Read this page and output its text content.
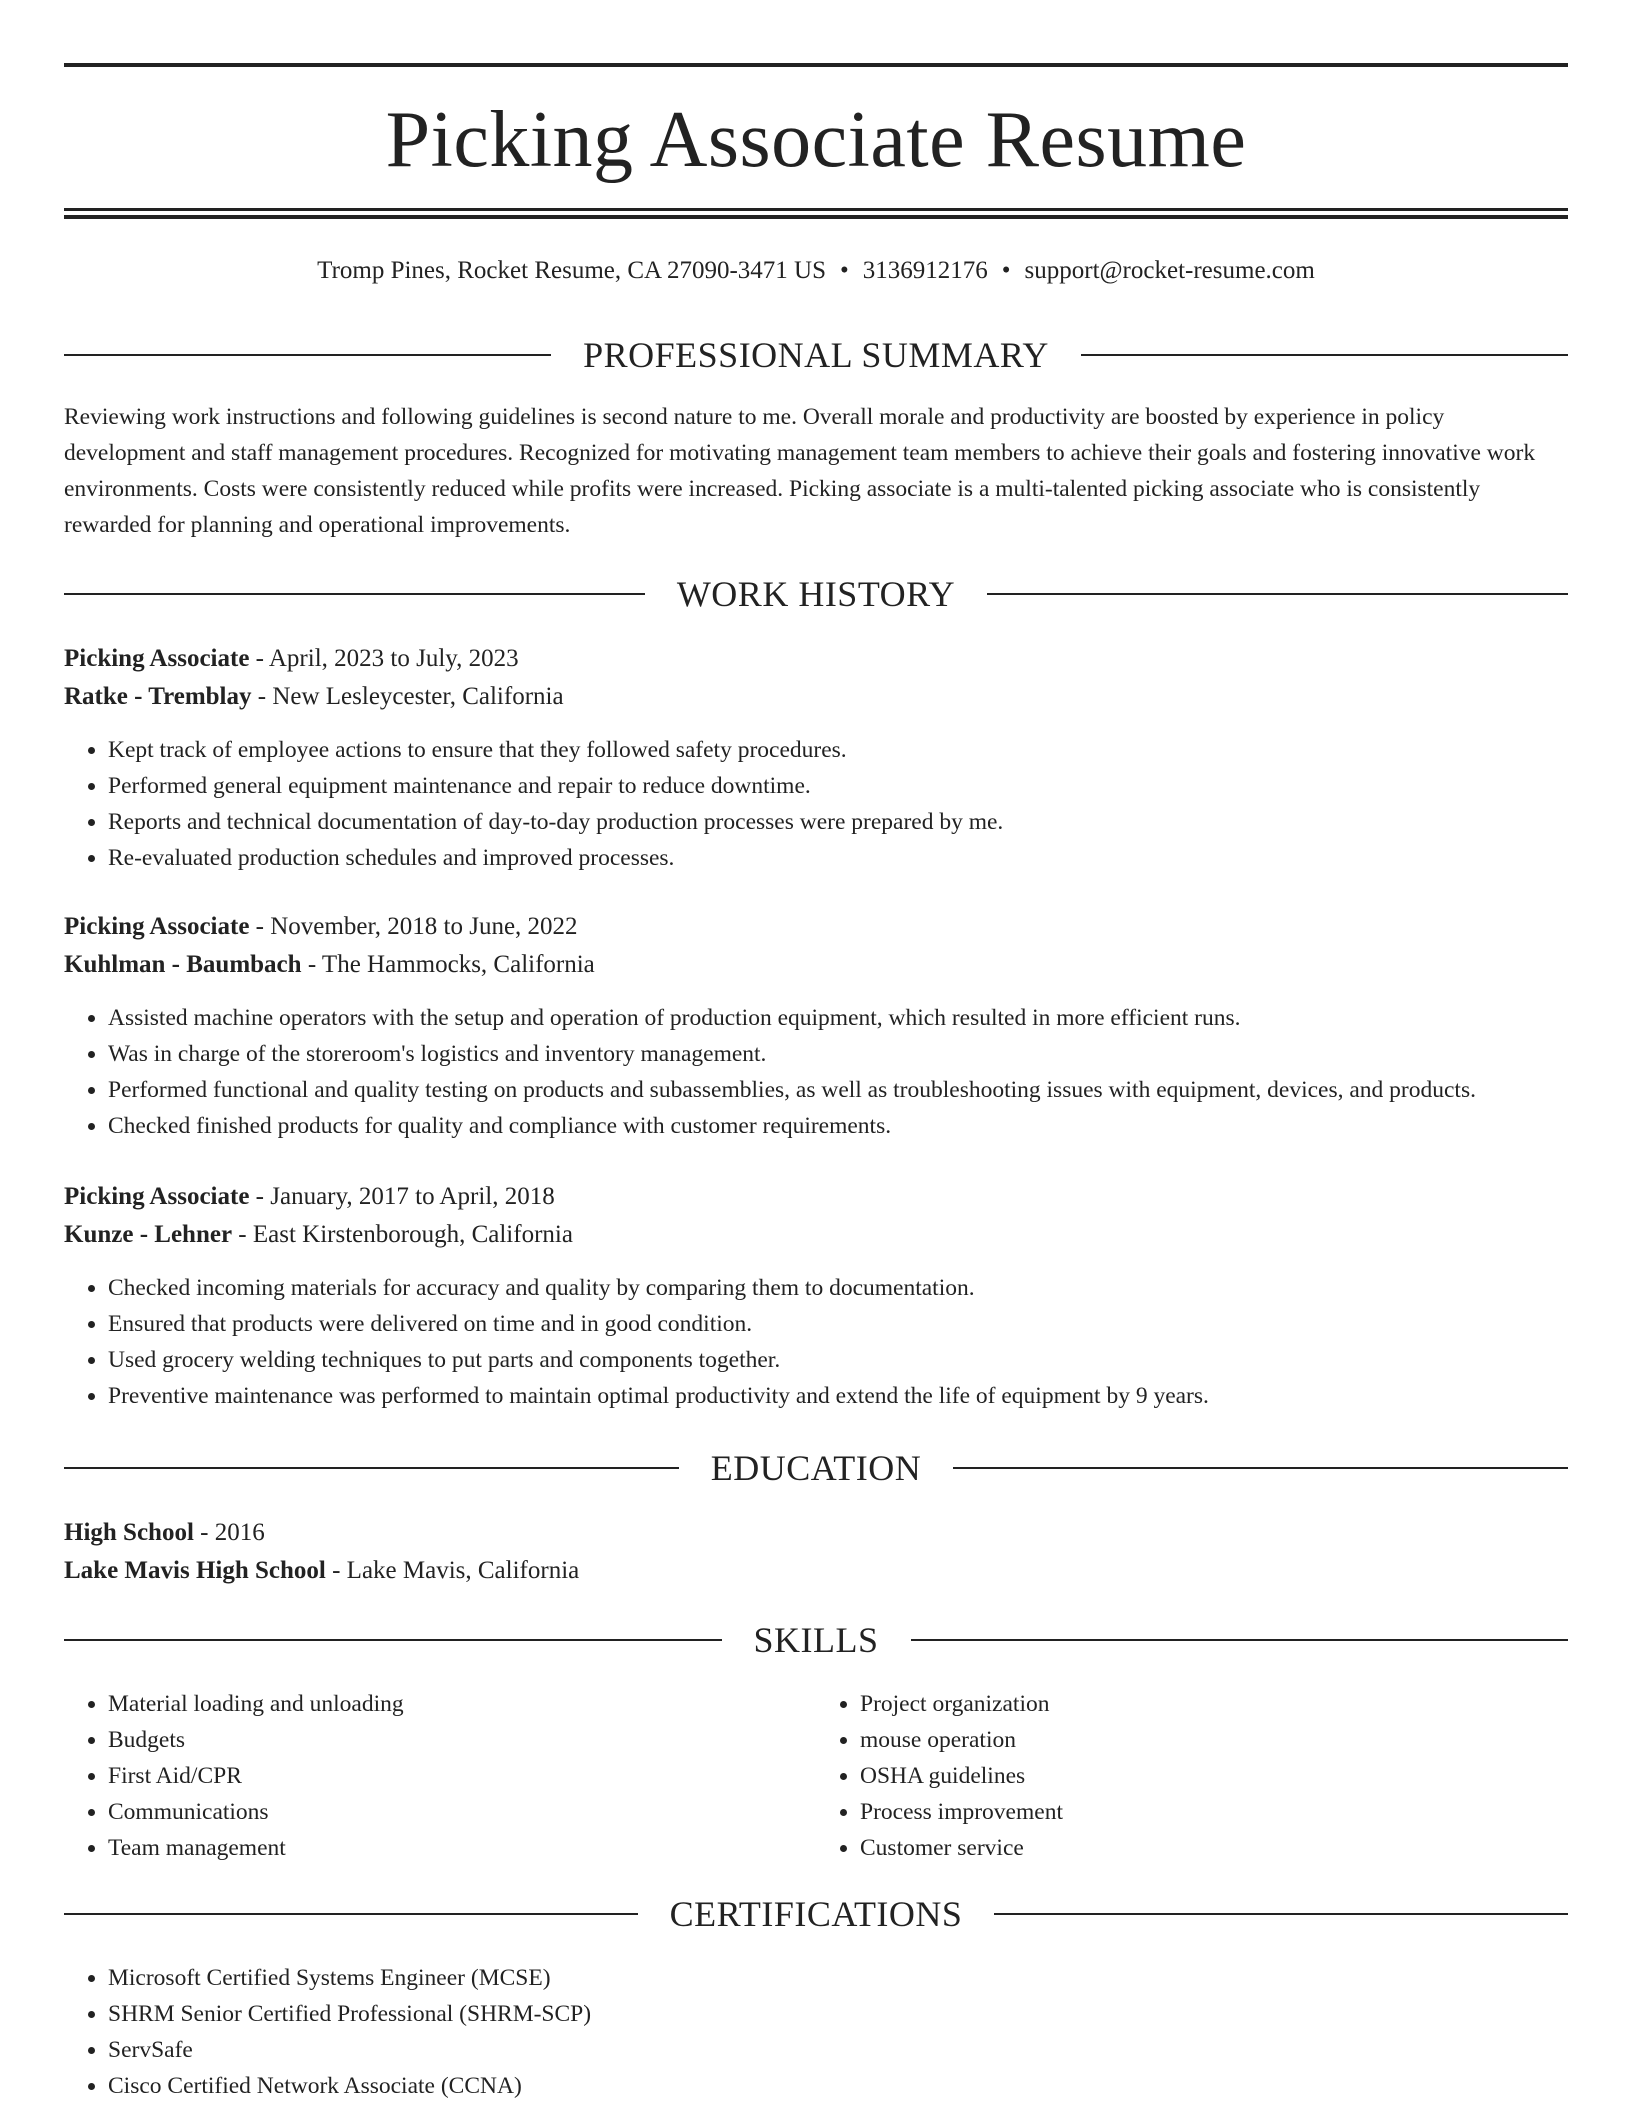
Picking Associate Resume
Tromp Pines, Rocket Resume, CA 27090-3471 US • 3136912176 • support@rocket-resume.com
PROFESSIONAL SUMMARY
Reviewing work instructions and following guidelines is second nature to me. Overall morale and productivity are boosted by experience in policy development and staff management procedures. Recognized for motivating management team members to achieve their goals and fostering innovative work environments. Costs were consistently reduced while profits were increased. Picking associate is a multi-talented picking associate who is consistently rewarded for planning and operational improvements.
WORK HISTORY
Picking Associate - April, 2023 to July, 2023
Ratke - Tremblay - New Lesleycester, California
• Kept track of employee actions to ensure that they followed safety procedures.
• Performed general equipment maintenance and repair to reduce downtime.
• Reports and technical documentation of day-to-day production processes were prepared by me.
• Re-evaluated production schedules and improved processes.
Picking Associate - November, 2018 to June, 2022
Kuhlman - Baumbach - The Hammocks, California
• Assisted machine operators with the setup and operation of production equipment, which resulted in more efficient runs.
• Was in charge of the storeroom's logistics and inventory management.
• Performed functional and quality testing on products and subassemblies, as well as troubleshooting issues with equipment, devices, and products.
• Checked finished products for quality and compliance with customer requirements.
Picking Associate - January, 2017 to April, 2018
Kunze - Lehner - East Kirstenborough, California
• Checked incoming materials for accuracy and quality by comparing them to documentation.
• Ensured that products were delivered on time and in good condition.
• Used grocery welding techniques to put parts and components together.
• Preventive maintenance was performed to maintain optimal productivity and extend the life of equipment by 9 years.
EDUCATION
High School - 2016
Lake Mavis High School - Lake Mavis, California
SKILLS
• Material loading and unloading
• Budgets
• First Aid/CPR
• Communications
• Team management
• Project organization
• mouse operation
• OSHA guidelines
• Process improvement
• Customer service
CERTIFICATIONS
• Microsoft Certified Systems Engineer (MCSE)
• SHRM Senior Certified Professional (SHRM-SCP)
• ServSafe
• Cisco Certified Network Associate (CCNA)
